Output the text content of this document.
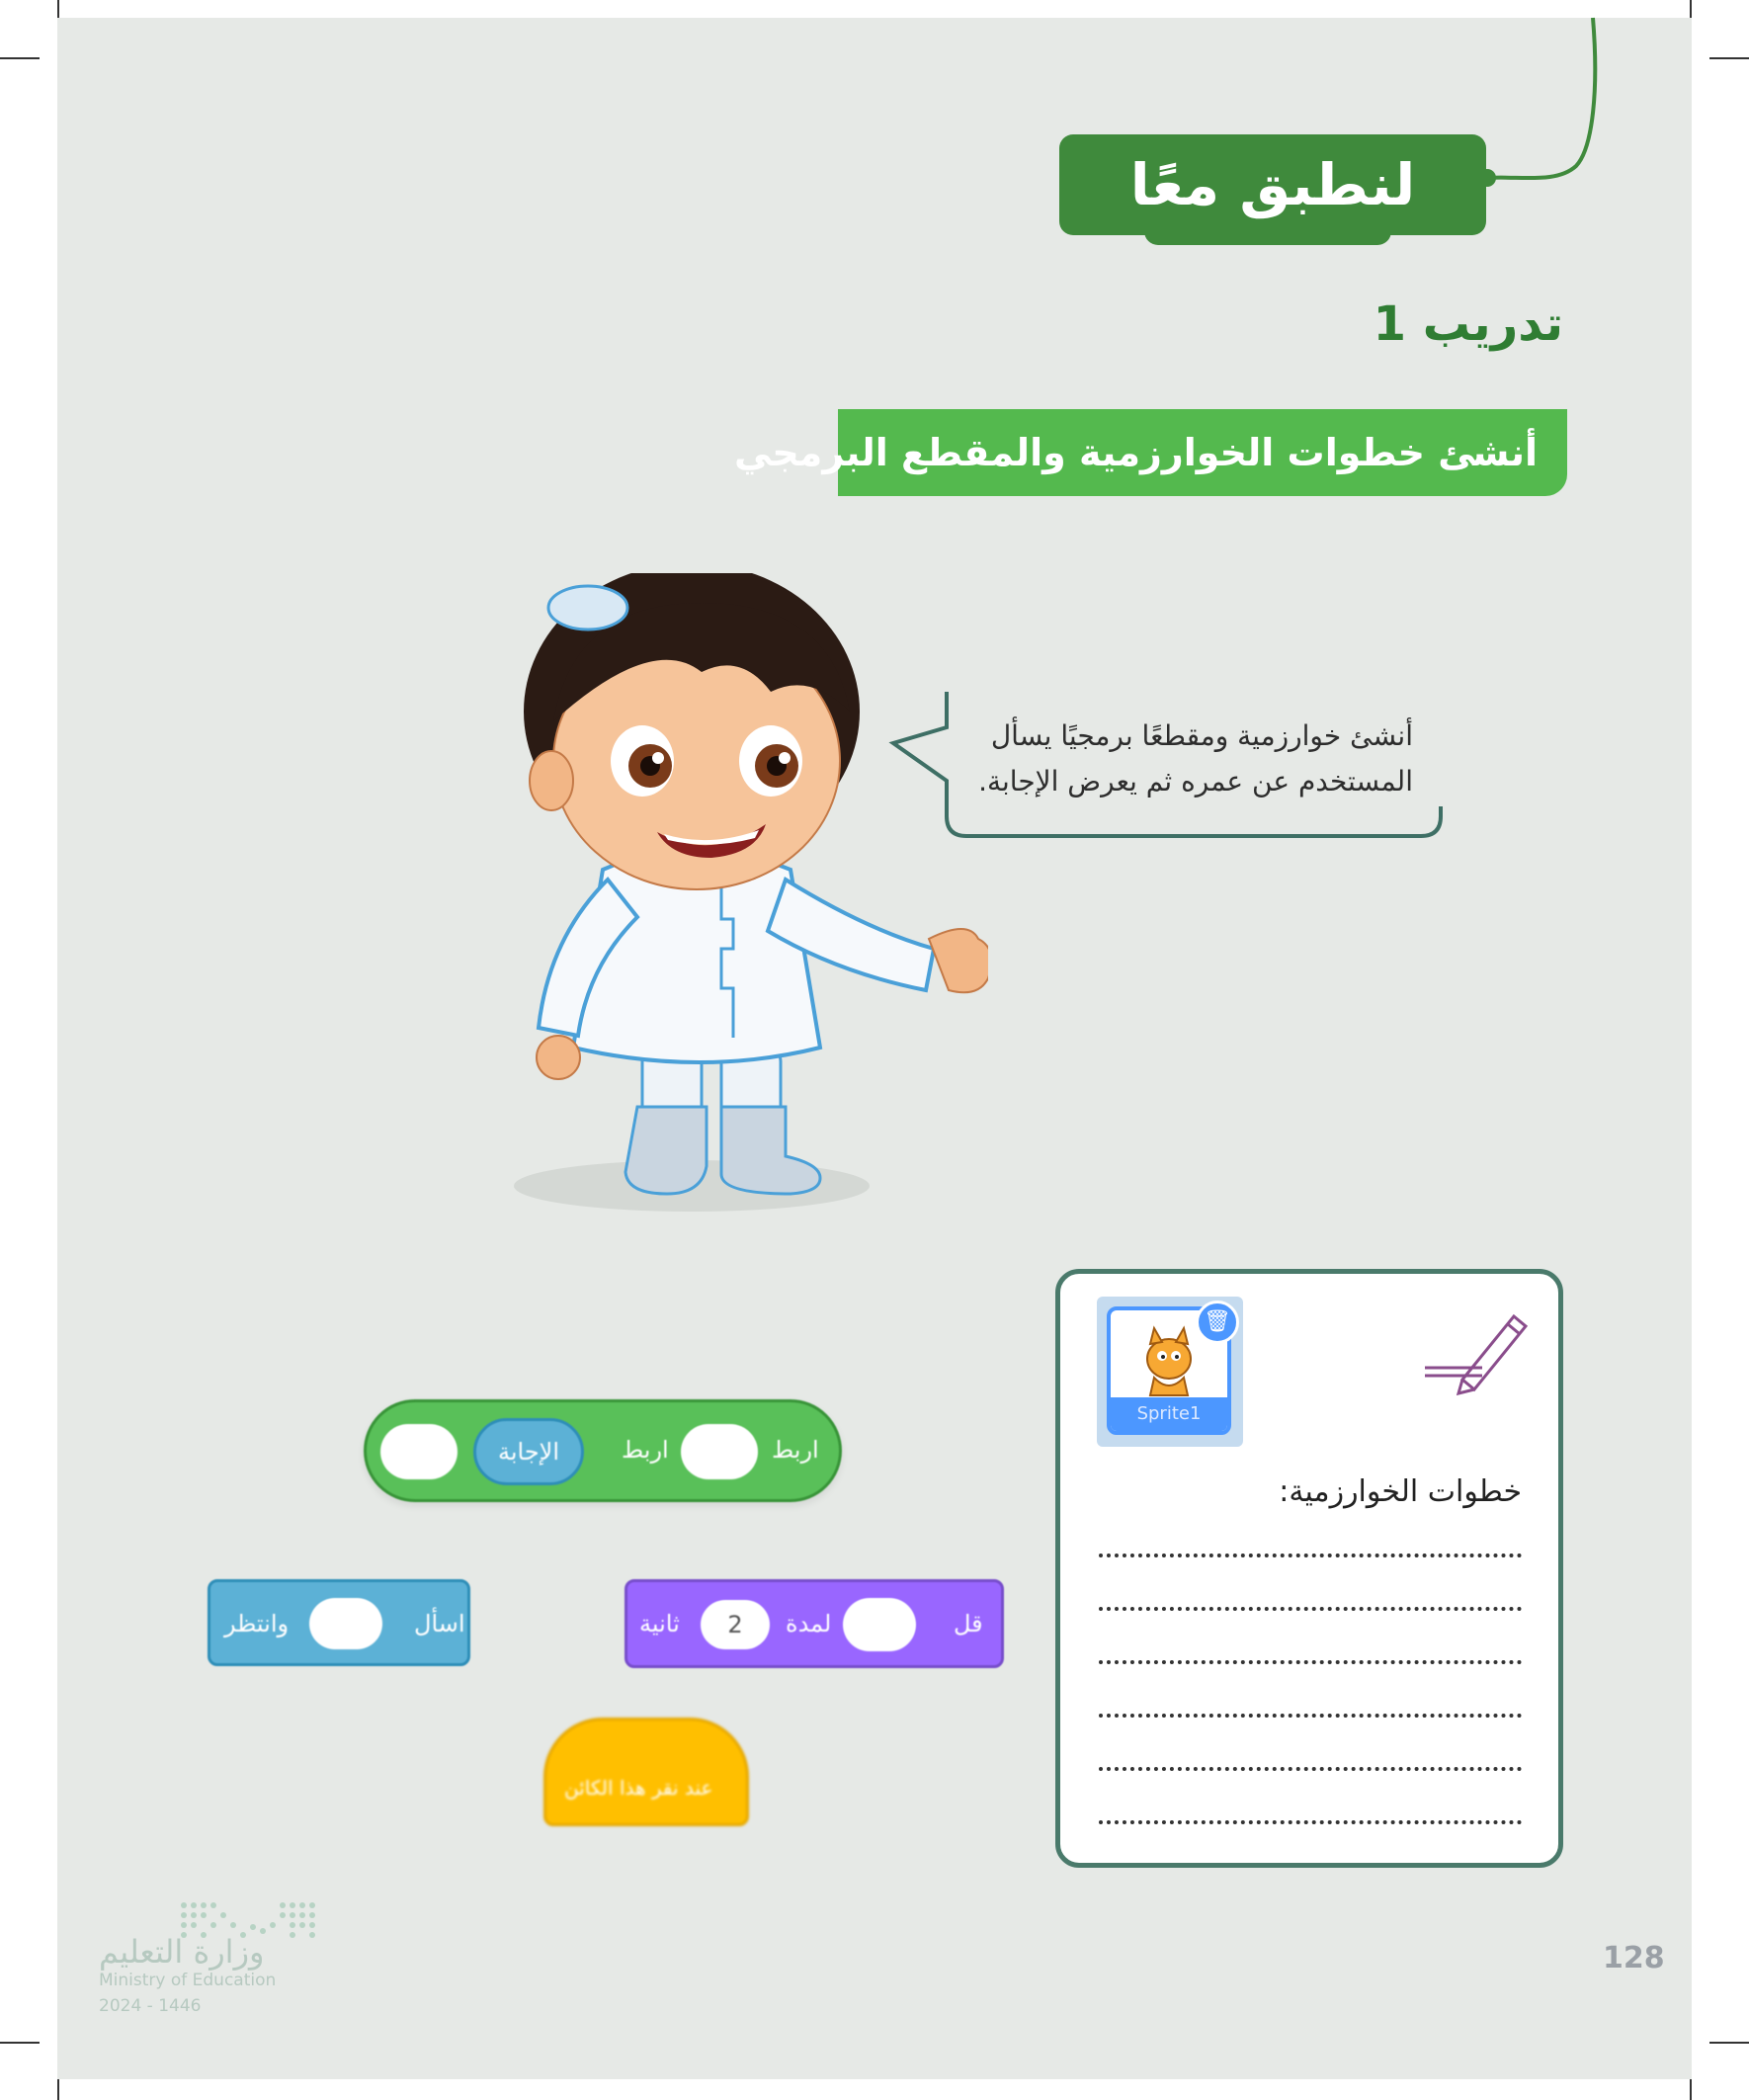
لنطبق معًا
تدريب 1
أنشئ خطوات الخوارزمية والمقطع البرمجي
أنشئ خوارزمية ومقطعًا برمجيًا يسأل
المستخدم عن عمره ثم يعرض الإجابة.
Sprite1
🗑
خطوات الخوارزمية:
الإجابة	اربط	اربط
وانتظر	اسأل	ثانية	2	لمدة	قل
عند نقر هذا الكائن
وزارة التعليم
Ministry of Education
2024 - 1446
128
